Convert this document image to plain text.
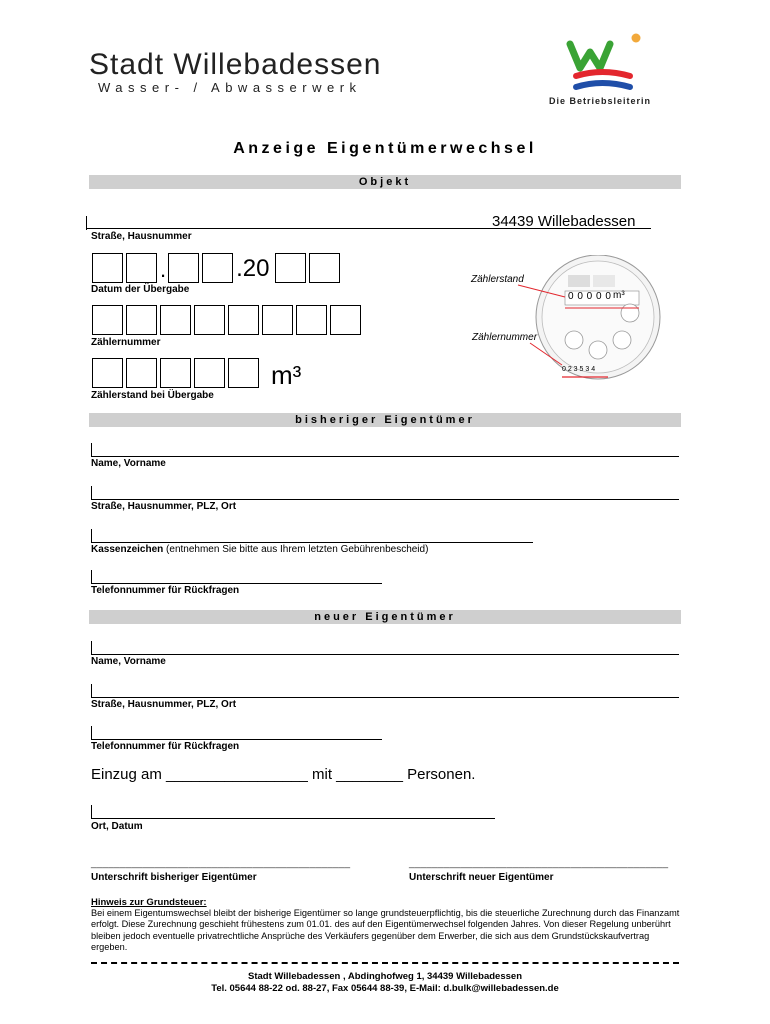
Stadt Willebadessen
Wasser- / Abwasserwerk
Die Betriebsleiterin
Anzeige Eigentümerwechsel
Objekt
34439 Willebadessen
Straße, Hausnummer
.	.20
Datum der Übergabe
Zählernummer
m³
Zählerstand bei Übergabe
Zählerstand
Zählernummer
0 0 0 0 0 m³
0 2 3 5 3 4
bisheriger Eigentümer
Name, Vorname
Straße, Hausnummer, PLZ, Ort
Kassenzeichen (entnehmen Sie bitte aus Ihrem letzten Gebührenbescheid)
Telefonnummer für Rückfragen
neuer Eigentümer
Name, Vorname
Straße, Hausnummer, PLZ, Ort
Telefonnummer für Rückfragen
Einzug am _________________ mit ________ Personen.
Ort, Datum
_____________________________________________	_____________________________________________
Unterschrift bisheriger Eigentümer	Unterschrift neuer Eigentümer
Hinweis zur Grundsteuer:
Bei einem Eigentumswechsel bleibt der bisherige Eigentümer so lange grundsteuerpflichtig, bis die steuerliche Zurechnung durch das Finanzamt erfolgt. Diese Zurechnung geschieht frühestens zum 01.01. des auf den Eigentümerwechsel folgenden Jahres. Von dieser Regelung unberührt bleiben jedoch eventuelle privatrechtliche Ansprüche des Verkäufers gegenüber dem Erwerber, die sich aus dem Grundstückskaufvertrag ergeben.
Stadt Willebadessen , Abdinghofweg 1, 34439 Willebadessen
Tel. 05644 88-22 od. 88-27, Fax 05644 88-39, E-Mail: d.bulk@willebadessen.de
